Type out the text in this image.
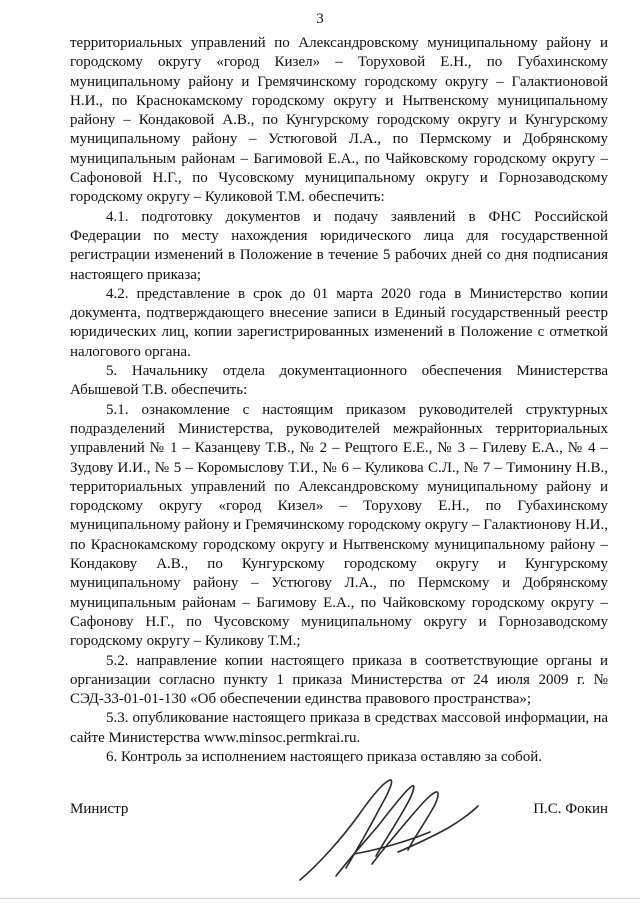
3

территориальных управлений по Александровскому муниципальному району и городскому округу «город Кизел» – Торуховой Е.Н., по Губахинскому муниципальному району и Гремячинскому городскому округу – Галактионовой Н.И., по Краснокамскому городскому округу и Нытвенскому муниципальному району – Кондаковой А.В., по Кунгурскому городскому округу и Кунгурскому муниципальному району – Устюговой Л.А., по Пермскому и Добрянскому муниципальным районам – Багимовой Е.А., по Чайковскому городскому округу – Сафоновой Н.Г., по Чусовскому муниципальному округу и Горнозаводскому городскому округу – Куликовой Т.М. обеспечить:

4.1. подготовку документов и подачу заявлений в ФНС Российской Федерации по месту нахождения юридического лица для государственной регистрации изменений в Положение в течение 5 рабочих дней со дня подписания настоящего приказа;

4.2. представление в срок до 01 марта 2020 года в Министерство копии документа, подтверждающего внесение записи в Единый государственный реестр юридических лиц, копии зарегистрированных изменений в Положение с отметкой налогового органа.

5. Начальнику отдела документационного обеспечения Министерства Абышевой Т.В. обеспечить:

5.1. ознакомление с настоящим приказом руководителей структурных подразделений Министерства, руководителей межрайонных территориальных управлений № 1 – Казанцеву Т.В., № 2 – Рещтого Е.Е., № 3 – Гилеву Е.А., № 4 – Зудову И.И., № 5 – Коромыслову Т.И., № 6 – Куликова С.Л., № 7 – Тимонину Н.В., территориальных управлений по Александровскому муниципальному району и городскому округу «город Кизел» – Торухову Е.Н., по Губахинскому муниципальному району и Гремячинскому городскому округу – Галактионову Н.И., по Краснокамскому городскому округу и Нытвенскому муниципальному району – Кондакову А.В., по Кунгурскому городскому округу и Кунгурскому муниципальному району – Устюгову Л.А., по Пермскому и Добрянскому муниципальным районам – Багимову Е.А., по Чайковскому городскому округу – Сафонову Н.Г., по Чусовскому муниципальному округу и Горнозаводскому городскому округу – Куликову Т.М.;

5.2. направление копии настоящего приказа в соответствующие органы и организации согласно пункту 1 приказа Министерства от 24 июля 2009 г. № СЭД-33-01-01-130 «Об обеспечении единства правового пространства»;

5.3. опубликование настоящего приказа в средствах массовой информации, на сайте Министерства www.minsoc.permkrai.ru.

6. Контроль за исполнением настоящего приказа оставляю за собой.

Министр	П.С. Фокин
